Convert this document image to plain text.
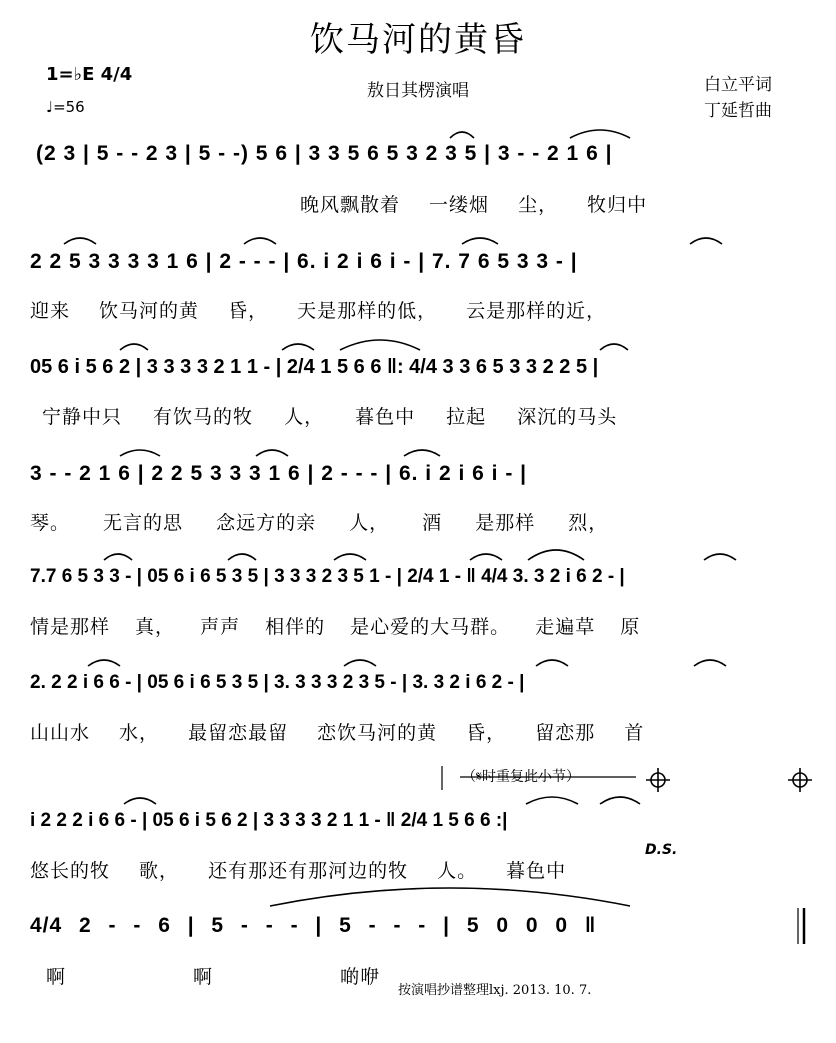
饮马河的黄昏
1=♭E 4/4
♩=56
敖日其楞演唱	白立平词
丁延哲曲
(2 3 | 5 - - 2 3 | 5 - -) 5 6 | 3 3 5 6 5 3 2 3 5 | 3 - - 2 1 6 |
晚风飘散着 一缕烟 尘， 牧归中
2 2 5 3 3 3 3 1 6 | 2 - - - | 6. i 2 i 6 i - | 7. 7 6 5 3 3 - |
迎来 饮马河的黄 昏， 天是那样的低， 云是那样的近，
05 6 i 5 6 2 | 3 3 3 3 2 1 1 - | 2/4 1 5 6 6 ‖: 4/4 3 3 6 5 3 3 2 2 5 |
宁静中只 有饮马的牧 人， 暮色中 拉起 深沉的马头
3 - - 2 1 6 | 2 2 5 3 3 3 1 6 | 2 - - - | 6. i 2 i 6 i - |
琴。 无言的思 念远方的亲 人， 酒 是那样 烈，
7.7 6 5 3 3 - | 05 6 i 6 5 3 5 | 3 3 3 2 3 5 1 - | 2/4 1 - ‖ 4/4 3. 3 2 i 6 2 - |
情是那样 真， 声声 相伴的 是心爱的大马群。 走遍草 原
2. 2 2 i 6 6 - | 05 6 i 6 5 3 5 | 3. 3 3 3 2 3 5 - | 3. 3 2 i 6 2 - |
山山水 水， 最留恋最留 恋饮马河的黄 昏， 留恋那 首
（𝄋时重复此小节）
D.S.
i 2 2 2 i 6 6 - | 05 6 i 5 6 2 | 3 3 3 3 2 1 1 - ‖ 2/4 1 5 6 6 :|
悠长的牧 歌， 还有那还有那河边的牧 人。 暮色中
4/4 2 - - 6 | 5 - - - | 5 - - - | 5 0 0 0 ‖
啊 啊 啲咿
按演唱抄谱整理lxj. 2013. 10. 7.
